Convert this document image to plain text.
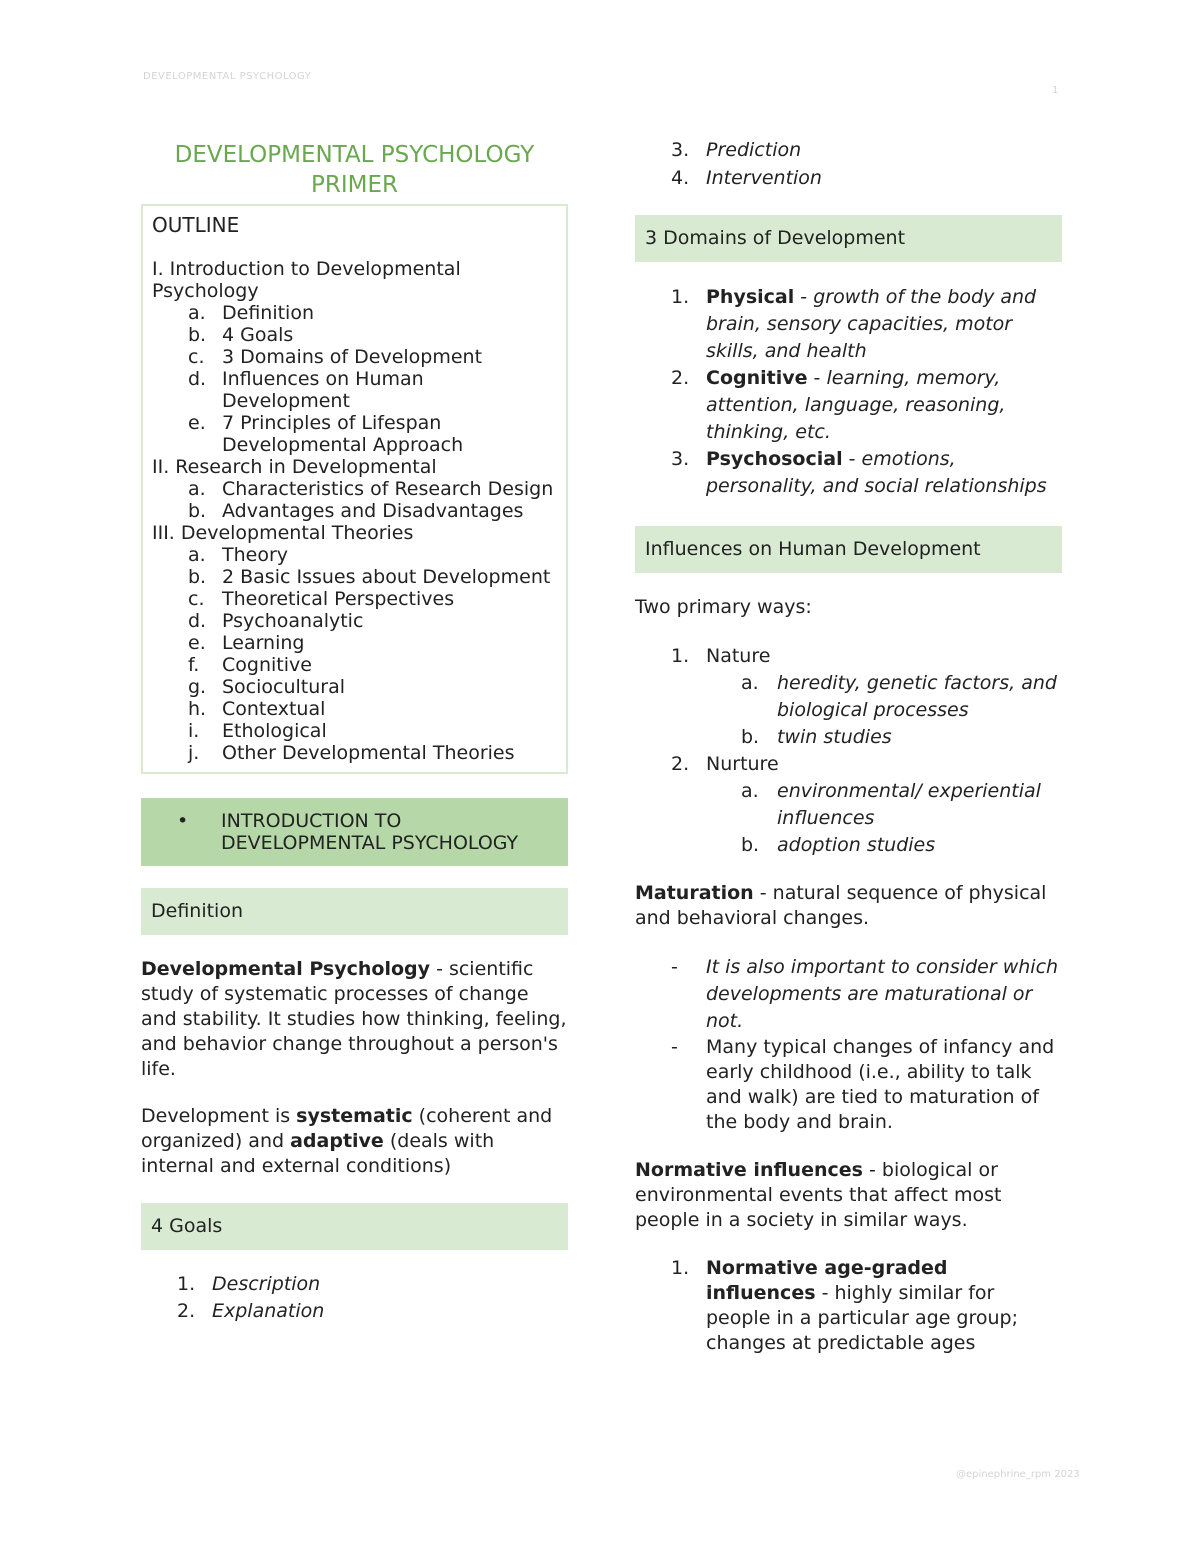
DEVELOPMENTAL PSYCHOLOGY
1
@epinephrine_rpm 2023
DEVELOPMENTAL PSYCHOLOGY
PRIMER
OUTLINE
I. Introduction to Developmental Psychology
a. Definition
b. 4 Goals
c. 3 Domains of Development
d. Influences on Human Development
e. 7 Principles of Lifespan Developmental Approach
II. Research in Developmental
a. Characteristics of Research Design
b. Advantages and Disadvantages
III. Developmental Theories
a. Theory
b. 2 Basic Issues about Development
c. Theoretical Perspectives
d. Psychoanalytic
e. Learning
f.	Cognitive
g. Sociocultural
h. Contextual
i.	Ethological
j.	Other Developmental Theories
•	INTRODUCTION TO DEVELOPMENTAL PSYCHOLOGY
Definition

Developmental Psychology - scientific study of systematic processes of change and stability. It studies how thinking, feeling, and behavior change throughout a person's life.

Development is systematic (coherent and organized) and adaptive (deals with internal and external conditions)

4 Goals
1. Description
2. Explanation
3. Prediction
4. Intervention
3 Domains of Development
1. Physical - growth of the body and brain, sensory capacities, motor skills, and health
2. Cognitive - learning, memory, attention, language, reasoning, thinking, etc.
3. Psychosocial - emotions, personality, and social relationships
Influences on Human Development

Two primary ways:

1. Nature
a. heredity, genetic factors, and biological processes
b. twin studies
2. Nurture
a. environmental/ experiential influences
b. adoption studies

Maturation - natural sequence of physical and behavioral changes.

-	It is also important to consider which developments are maturational or not.
-	Many typical changes of infancy and early childhood (i.e., ability to talk and walk) are tied to maturation of the body and brain.

Normative influences - biological or environmental events that affect most people in a society in similar ways.

1. Normative age-graded influences - highly similar for people in a particular age group; changes at predictable ages
